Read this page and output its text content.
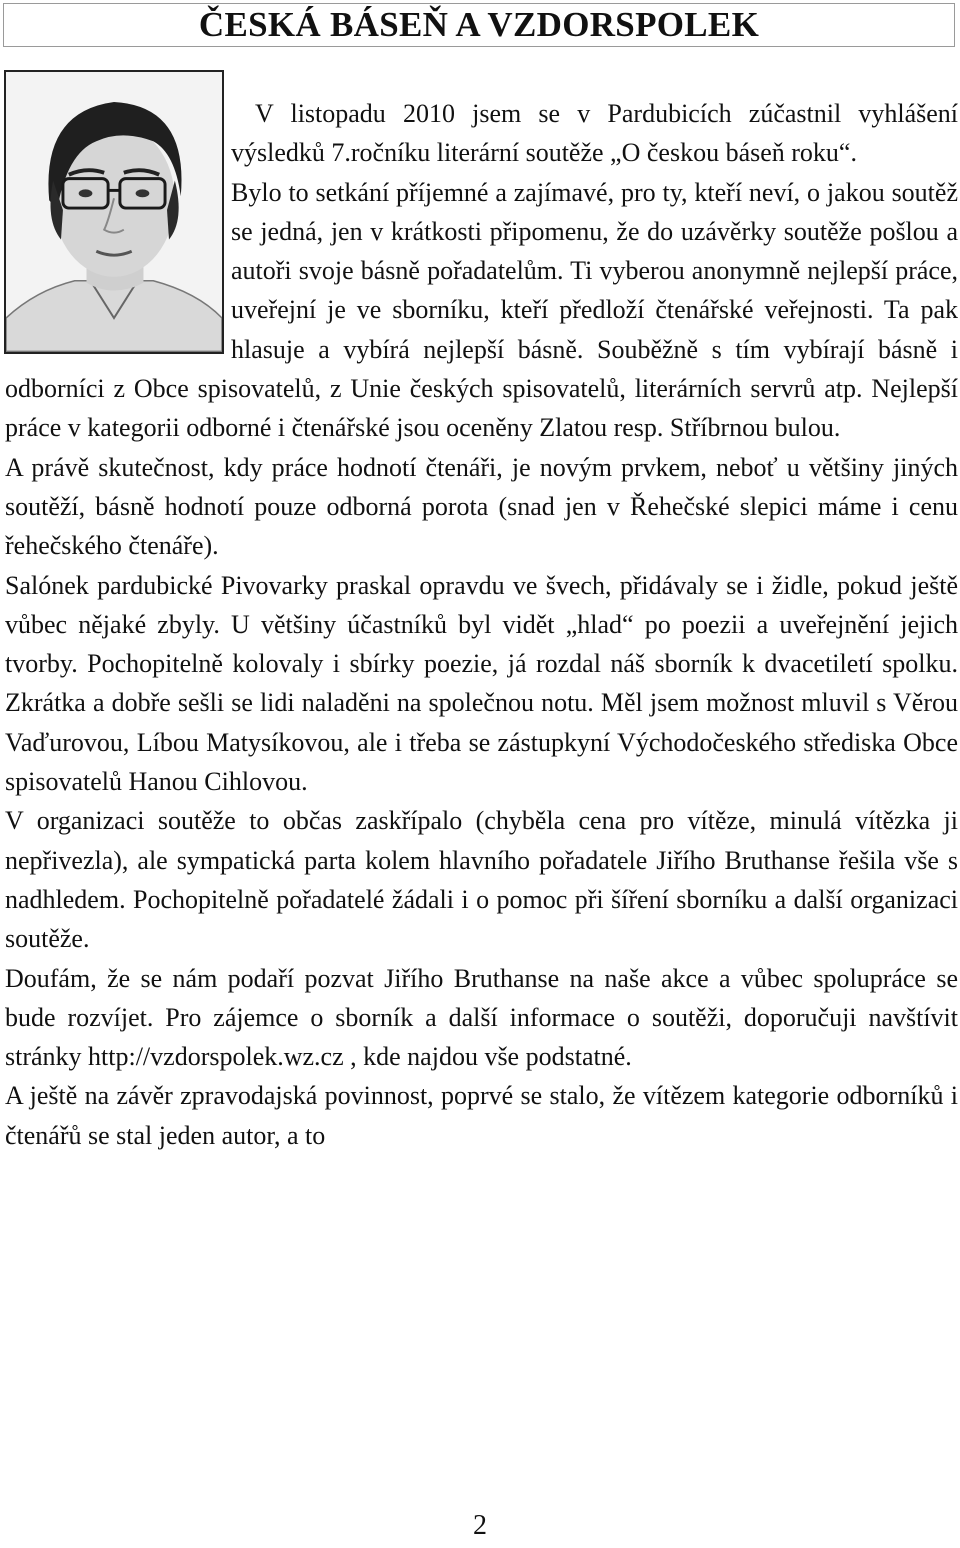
ČESKÁ BÁSEŇ A VZDORSPOLEK

V listopadu 2010 jsem se v Pardubicích zúčastnil vyhlášení výsledků 7.ročníku literární soutěže „O českou báseň roku“.

Bylo to setkání příjemné a zajímavé, pro ty, kteří neví, o jakou soutěž se jedná, jen v krátkosti připomenu, že do uzávěrky soutěže pošlou a autoři svoje básně pořadatelům. Ti vyberou anonymně nejlepší práce, uveřejní je ve sborníku, kteří předloží čtenářské veřejnosti. Ta pak hlasuje a vybírá nejlepší básně. Souběžně s tím vybírají básně i odborníci z Obce spisovatelů, z Unie českých spisovatelů, literárních servrů atp. Nejlepší práce v kategorii odborné i čtenářské jsou oceněny Zlatou resp. Stříbrnou bulou.

A právě skutečnost, kdy práce hodnotí čtenáři, je novým prvkem, neboť u většiny jiných soutěží, básně hodnotí pouze odborná porota (snad jen v Řehečské slepici máme i cenu řehečského čtenáře).

Salónek pardubické Pivovarky praskal opravdu ve švech, přidávaly se i židle, pokud ještě vůbec nějaké zbyly. U většiny účastníků byl vidět „hlad“ po poezii a uveřejnění jejich tvorby. Pochopitelně kolovaly i sbírky poezie, já rozdal náš sborník k dvacetiletí spolku. Zkrátka a dobře sešli se lidi naladěni na společnou notu. Měl jsem možnost mluvil s Věrou Vaďurovou, Líbou Matysíkovou, ale i třeba se zástupkyní Východočeského střediska Obce spisovatelů Hanou Cihlovou.

V organizaci soutěže to občas zaskřípalo (chyběla cena pro vítěze, minulá vítězka ji nepřivezla), ale sympatická parta kolem hlavního pořadatele Jiřího Bruthanse řešila vše s nadhledem. Pochopitelně pořadatelé žádali i o pomoc při šíření sborníku a další organizaci soutěže.

Doufám, že se nám podaří pozvat Jiřího Bruthanse na naše akce a vůbec spolupráce se bude rozvíjet. Pro zájemce o sborník a další informace o soutěži, doporučuji navštívit stránky http://vzdorspolek.wz.cz , kde najdou vše podstatné.

A ještě na závěr zpravodajská povinnost, poprvé se stalo, že vítězem kategorie odborníků i čtenářů se stal jeden autor, a to

2
